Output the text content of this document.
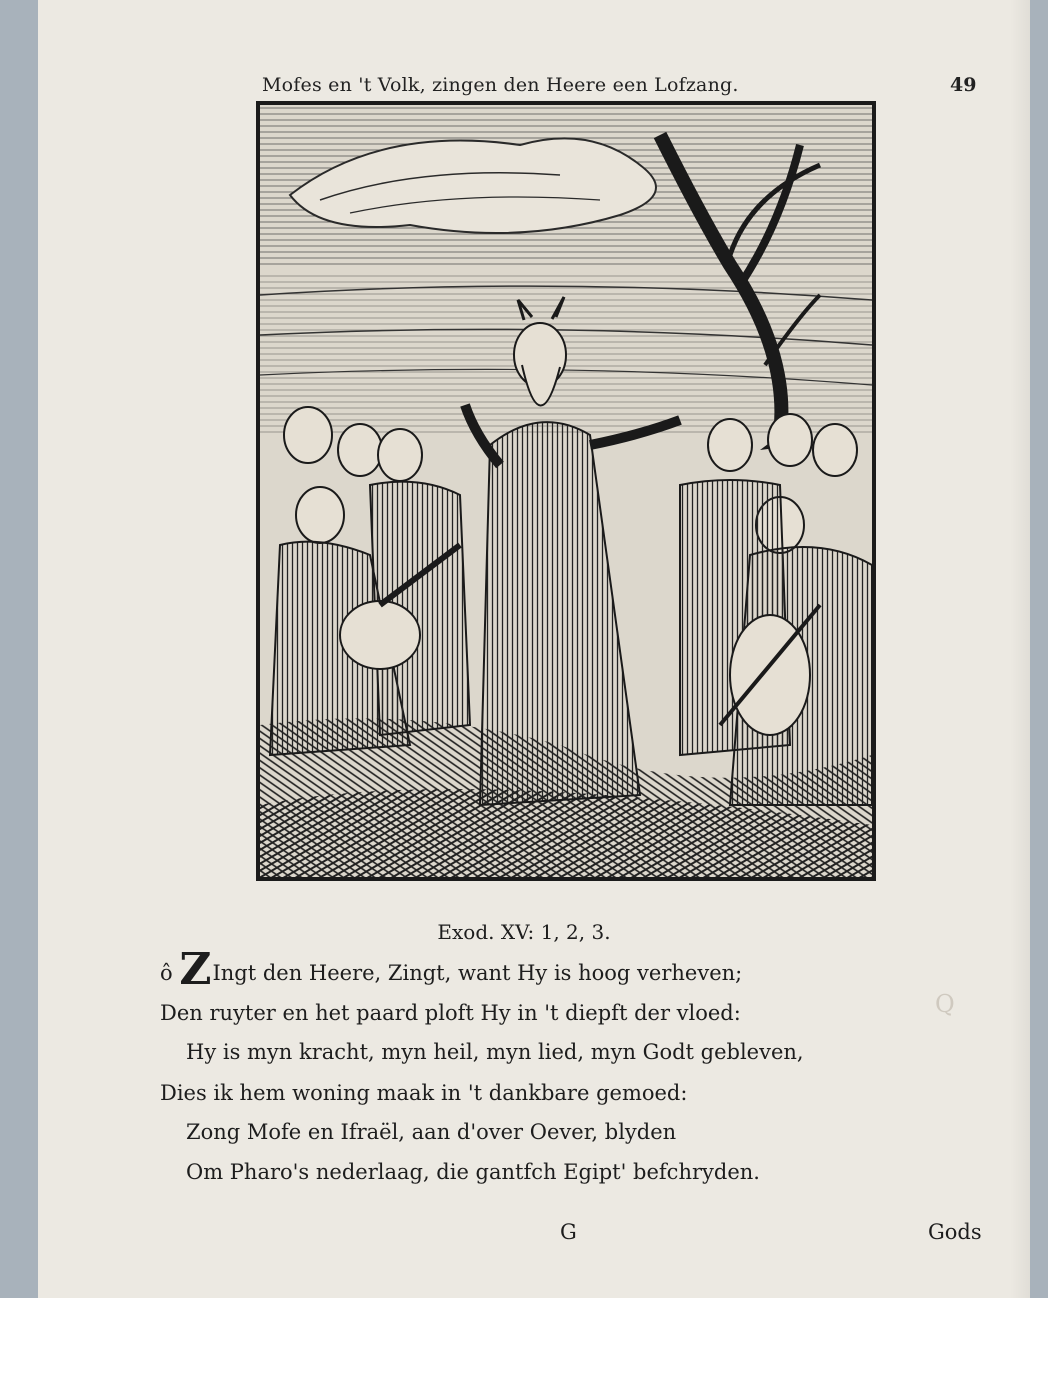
Q
Mofes en 't Volk, zingen den Heere een Lofzang.	49
Exod. XV: 1, 2, 3.
ô ZIngt den Heere, Zingt, want Hy is hoog verheven;
Den ruyter en het paard ploft Hy in 't diepft der vloed:
Hy is myn kracht, myn heil, myn lied, myn Godt gebleven,
Dies ik hem woning maak in 't dankbare gemoed:
Zong Mofe en Ifraël, aan d'over Oever, blyden
Om Pharo's nederlaag, die gantfch Egipt' befchryden.
G	Gods
